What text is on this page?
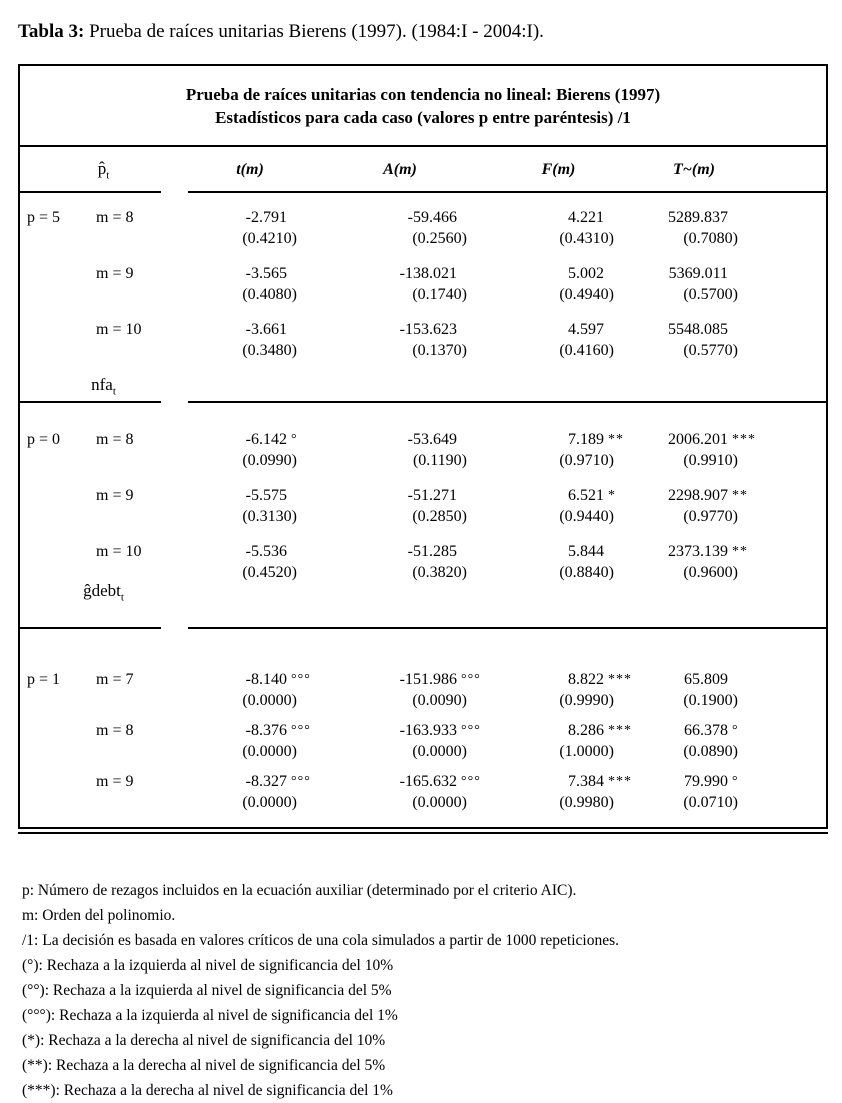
Tabla 3: Prueba de raíces unitarias Bierens (1997). (1984:I - 2004:I).
Prueba de raíces unitarias con tendencia no lineal: Bierens (1997)
Estadísticos para cada caso (valores p entre paréntesis) /1
$p̂_t$	t(m)	A(m)	F(m)	T~(m)
p = 5	m = 8	-2.791	-59.466	4.221	5289.837
(0.4210)	(0.2560)	(0.4310)	(0.7080)
m = 9	-3.565	-138.021	5.002	5369.011
(0.4080)	(0.1740)	(0.4940)	(0.5700)
m = 10	-3.661	-153.623	4.597	5548.085
(0.3480)	(0.1370)	(0.4160)	(0.5770)
nfa$_t$
p = 0	m = 8	-6.142 °	-53.649	7.189 **	2006.201 ***
(0.0990)	(0.1190)	(0.9710)	(0.9910)
m = 9	-5.575	-51.271	6.521 *	2298.907 **
(0.3130)	(0.2850)	(0.9440)	(0.9770)
m = 10	-5.536	-51.285	5.844	2373.139 **
(0.4520)	(0.3820)	(0.8840)	(0.9600)
ĝdebt$_t$
p = 1	m = 7	-8.140 °°°	-151.986 °°°	8.822 ***	65.809
(0.0000)	(0.0090)	(0.9990)	(0.1900)
m = 8	-8.376 °°°	-163.933 °°°	8.286 ***	66.378 °
(0.0000)	(0.0000)	(1.0000)	(0.0890)
m = 9	-8.327 °°°	-165.632 °°°	7.384 ***	79.990 °
(0.0000)	(0.0000)	(0.9980)	(0.0710)
p: Número de rezagos incluidos en la ecuación auxiliar (determinado por el criterio AIC).
m: Orden del polinomio.
/1: La decisión es basada en valores críticos de una cola simulados a partir de 1000 repeticiones.
(°): Rechaza a la izquierda al nivel de significancia del 10%
(°°): Rechaza a la izquierda al nivel de significancia del 5%
(°°°): Rechaza a la izquierda al nivel de significancia del 1%
(*): Rechaza a la derecha al nivel de significancia del 10%
(**): Rechaza a la derecha al nivel de significancia del 5%
(***): Rechaza a la derecha al nivel de significancia del 1%
